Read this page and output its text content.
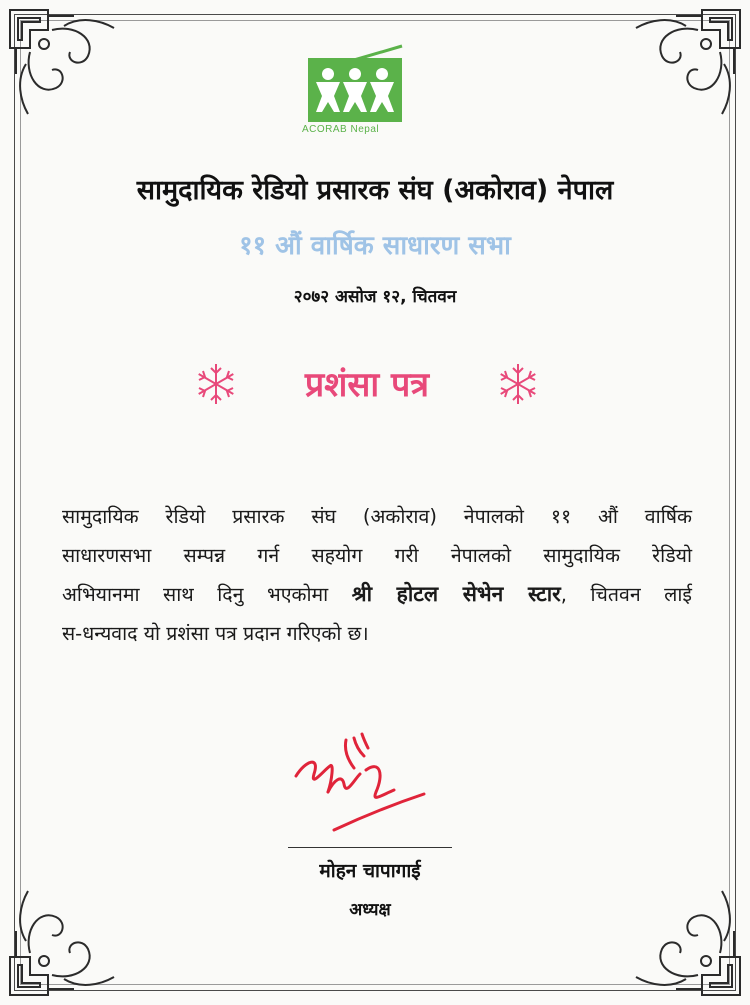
ACORAB Nepal
सामुदायिक रेडियो प्रसारक संघ (अकोराव) नेपाल
११ औं वार्षिक साधारण सभा
२०७२ असोज १२, चितवन
प्रशंसा पत्र
सामुदायिक रेडियो प्रसारक संघ (अकोराव) नेपालको ११ औं वार्षिक
साधारणसभा सम्पन्न गर्न सहयोग गरी नेपालको सामुदायिक रेडियो
अभियानमा साथ दिनु भएकोमा श्री होटल सेभेन स्टार, चितवन लाई
स-धन्यवाद यो प्रशंसा पत्र प्रदान गरिएको छ।
मोहन चापागाई
अध्यक्ष
